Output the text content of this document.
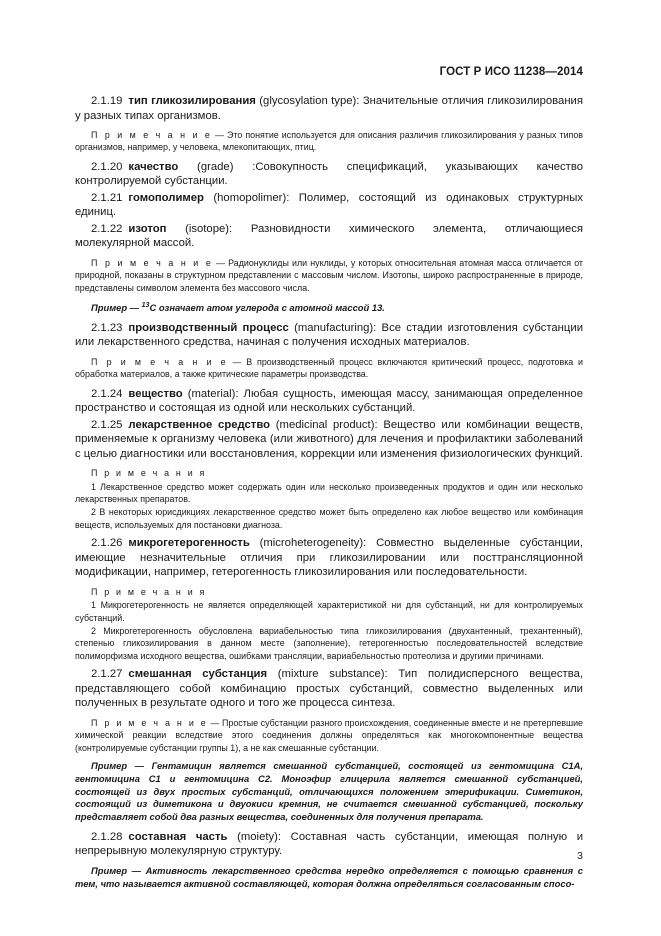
ГОСТ Р ИСО 11238—2014

2.1.19 тип гликозилирования (glycosylation type): Значительные отличия гликозилирования у разных типах организмов.

П р и м е ч а н и е — Это понятие используется для описания различия гликозилирования у разных типов организмов, например, у человека, млекопитающих, птиц.

2.1.20 качество (grade) :Совокупность спецификаций, указывающих качество контролируемой субстанции.

2.1.21 гомополимер (homopolimer): Полимер, состоящий из одинаковых структурных единиц.

2.1.22 изотоп (isotope): Разновидности химического элемента, отличающиеся молекулярной массой.

П р и м е ч а н и е — Радионуклиды или нуклиды, у которых относительная атомная масса отличается от природной, показаны в структурном представлении с массовым числом. Изотопы, широко распространенные в природе, представлены символом элемента без массового числа.

Пример — $^{13}$C означает атом углерода с атомной массой 13.

2.1.23 производственный процесс (manufacturing): Все стадии изготовления субстанции или лекарственного средства, начиная с получения исходных материалов.

П р и м е ч а н и е — В производственный процесс включаются критический процесс, подготовка и обработка материалов, а также критические параметры производства.

2.1.24 вещество (material): Любая сущность, имеющая массу, занимающая определенное пространство и состоящая из одной или нескольких субстанций.

2.1.25 лекарственное средство (medicinal product): Вещество или комбинации веществ, применяемые к организму человека (или животного) для лечения и профилактики заболеваний с целью диагностики или восстановления, коррекции или изменения физиологических функций.

П р и м е ч а н и я

1 Лекарственное средство может содержать один или несколько произведенных продуктов и один или несколько лекарственных препаратов.

2 В некоторых юрисдикциях лекарственное средство может быть определено как любое вещество или комбинация веществ, используемых для постановки диагноза.

2.1.26 микрогетерогенность (microheterogeneity): Совместно выделенные субстанции, имеющие незначительные отличия при гликозилировании или посттрансляционной модификации, например, гетерогенность гликозилирования или последовательности.

П р и м е ч а н и я

1 Микрогетерогенность не является определяющей характеристикой ни для субстанций, ни для контролируемых субстанций.

2 Микрогетерогенность обусловлена вариабельностью типа гликозилирования (двухантенный, трехантенный), степенью гликозилирования в данном месте (заполнение), гетерогенностью последовательностей вследствие полиморфизма исходного вещества, ошибками трансляции, вариабельностью протеолиза и другими причинами.

2.1.27 смешанная субстанция (mixture substance): Тип полидисперсного вещества, представляющего собой комбинацию простых субстанций, совместно выделенных или полученных в результате одного и того же процесса синтеза.

П р и м е ч а н и е — Простые субстанции разного происхождения, соединенные вместе и не претерпевшие химической реакции вследствие этого соединения должны определяться как многокомпонентные вещества (контролируемые субстанции группы 1), а не как смешанные субстанции.

Пример — Гентамицин является смешанной субстанцией, состоящей из гентомицина C1A, гентомицина C1 и гентомицина C2. Моноэфир глицерила является смешанной субстанцией, состоящей из двух простых субстанций, отличающихся положением этерификации. Симетикон, состоящий из диметикона и двуокиси кремния, не считается смешанной субстанцией, поскольку представляет собой два разных вещества, соединенных для получения препарата.

2.1.28 составная часть (moiety): Составная часть субстанции, имеющая полную и непрерывную молекулярную структуру.

Пример — Активность лекарственного средства нередко определяется с помощью сравнения с тем, что называется активной составляющей, которая должна определяться согласованным спосо-

3
